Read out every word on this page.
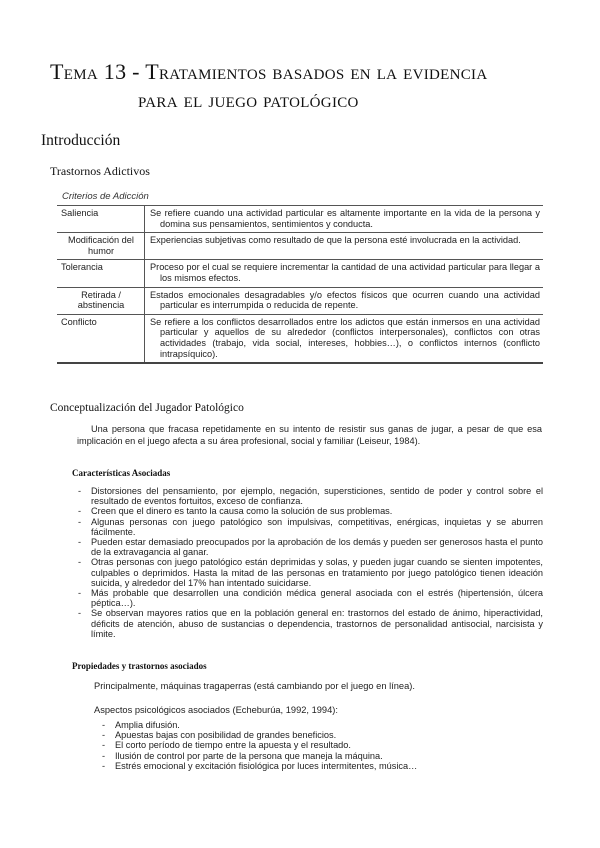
Tema 13 - Tratamientos basados en la evidencia
para el juego patológico
Introducción
Trastornos Adictivos
Criterios de Adicción
Saliencia	Se refiere cuando una actividad particular es altamente importante en la vida de la persona y domina sus pensamientos, sentimientos y conducta.

Modificación del humor	Experiencias subjetivas como resultado de que la persona esté involucrada en la actividad.

Tolerancia	Proceso por el cual se requiere incrementar la cantidad de una actividad particular para llegar a los mismos efectos.

Retirada / abstinencia	Estados emocionales desagradables y/o efectos físicos que ocurren cuando una actividad particular es interrumpida o reducida de repente.

Conflicto	Se refiere a los conflictos desarrollados entre los adictos que están inmersos en una actividad particular y aquellos de su alrededor (conflictos interpersonales), conflictos con otras actividades (trabajo, vida social, intereses, hobbies…), o conflictos internos (conflicto intrapsíquico).
Conceptualización del Jugador Patológico
Una persona que fracasa repetidamente en su intento de resistir sus ganas de jugar, a pesar de que esa implicación en el juego afecta a su área profesional, social y familiar (Leiseur, 1984).
Características Asociadas
- Distorsiones del pensamiento, por ejemplo, negación, supersticiones, sentido de poder y control sobre el resultado de eventos fortuitos, exceso de confianza.
- Creen que el dinero es tanto la causa como la solución de sus problemas.
- Algunas personas con juego patológico son impulsivas, competitivas, enérgicas, inquietas y se aburren fácilmente.
- Pueden estar demasiado preocupados por la aprobación de los demás y pueden ser generosos hasta el punto de la extravagancia al ganar.
- Otras personas con juego patológico están deprimidas y solas, y pueden jugar cuando se sienten impotentes, culpables o deprimidos. Hasta la mitad de las personas en tratamiento por juego patológico tienen ideación suicida, y alrededor del 17% han intentado suicidarse.
- Más probable que desarrollen una condición médica general asociada con el estrés (hipertensión, úlcera péptica…).
- Se observan mayores ratios que en la población general en: trastornos del estado de ánimo, hiperactividad, déficits de atención, abuso de sustancias o dependencia, trastornos de personalidad antisocial, narcisista y límite.
Propiedades y trastornos asociados
Principalmente, máquinas tragaperras (está cambiando por el juego en línea).
Aspectos psicológicos asociados (Echeburúa, 1992, 1994):
- Amplia difusión.
- Apuestas bajas con posibilidad de grandes beneficios.
- El corto período de tiempo entre la apuesta y el resultado.
- Ilusión de control por parte de la persona que maneja la máquina.
- Estrés emocional y excitación fisiológica por luces intermitentes, música…
